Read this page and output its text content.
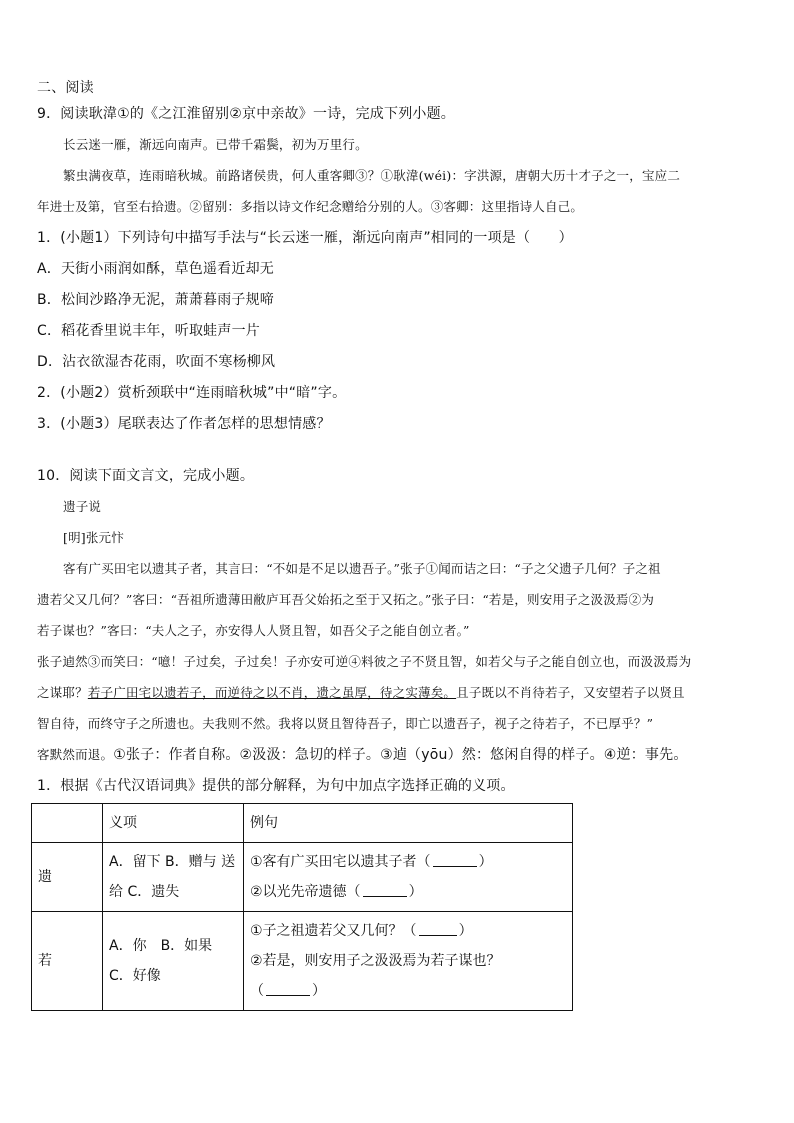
二、阅读
9．阅读耿湋①的《之江淮留别②京中亲故》一诗，完成下列小题。
长云迷一雁，渐远向南声。已带千霜鬓，初为万里行。
繁虫满夜草，连雨暗秋城。前路诸侯贵，何人重客卿③？①耿湋(wéi)：字洪源，唐朝大历十才子之一，宝应二
年进士及第，官至右拾遗。②留别：多指以诗文作纪念赠给分别的人。③客卿：这里指诗人自己。
1．(小题1）下列诗句中描写手法与“长云迷一雁，渐远向南声”相同的一项是（　　）
A．天街小雨润如酥，草色遥看近却无
B．松间沙路净无泥，萧萧暮雨子规啼
C．稻花香里说丰年，听取蛙声一片
D．沾衣欲湿杏花雨，吹面不寒杨柳风
2．(小题2）赏析颈联中“连雨暗秋城”中“暗”字。
3．(小题3）尾联表达了作者怎样的思想情感？
10．阅读下面文言文，完成小题。
遗子说
[明]张元忭
客有广买田宅以遗其子者，其言曰：“不如是不足以遗吾子。”张子①闻而诘之曰：“子之父遗子几何？子之祖
遗若父又几何？”客曰：“吾祖所遗薄田敝庐耳吾父始拓之至于又拓之。”张子曰：“若是，则安用子之汲汲焉②为
若子谋也？”客曰：“夫人之子，亦安得人人贤且智，如吾父子之能自创立者。”
张子逌然③而笑曰：“噫！子过矣，子过矣！子亦安可逆④料彼之子不贤且智，如若父与子之能自创立也，而汲汲焉为
之谋耶？若子广田宅以遗若子，而逆待之以不肖，遗之虽厚，待之实薄矣。且子既以不肖待若子，又安望若子以贤且
智自待，而终守子之所遗也。夫我则不然。我将以贤且智待吾子，即亡以遗吾子，视子之待若子，不已厚乎？”
客默然而退。①张子：作者自称。②汲汲：急切的样子。③逌（yōu）然：悠闲自得的样子。④逆：事先。
1．根据《古代汉语词典》提供的部分解释，为句中加点字选择正确的义项。
	义项	例句
遗	A．留下 B．赠与 送给 C．遗失	①客有广买田宅以遗其子者（ ）
②以光先帝遗德（ ）

若	A．你　B．如果 C．好像	①子之祖遗若父又几何？（ ）
②若是，则安用子之汲汲焉为若子谋也？
（ ）
